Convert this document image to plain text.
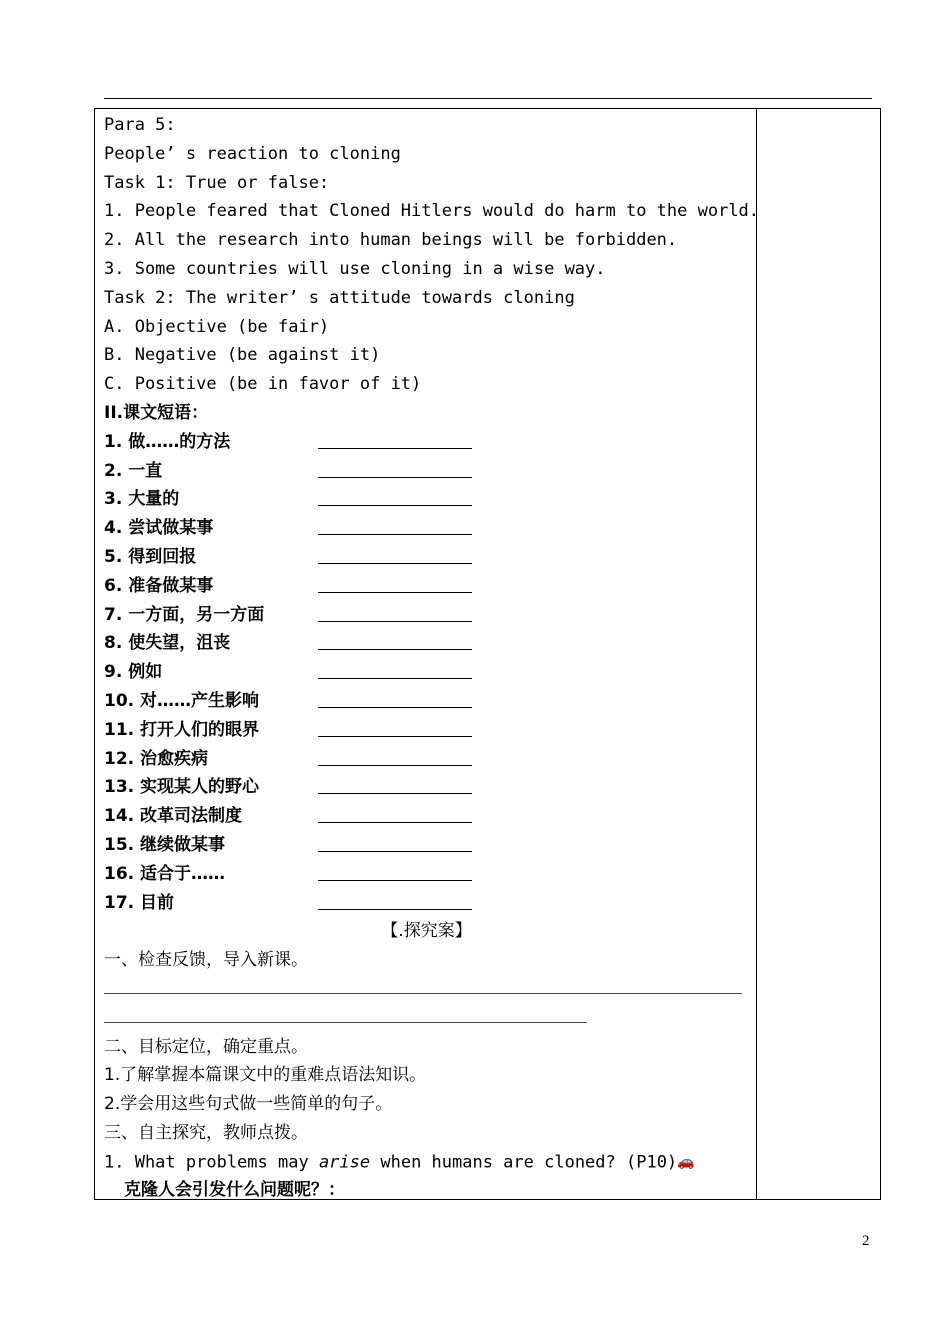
Para 5:
People’ s reaction to cloning
Task 1: True or false:
1. People feared that Cloned Hitlers would do harm to the world.
2. All the research into human beings will be forbidden.
3. Some countries will use cloning in a wise way.
Task 2: The writer’ s attitude towards cloning
A. Objective (be fair)
B. Negative (be against it)
C. Positive (be in favor of it)
II.课文短语：
1. 做……的方法
2. 一直
3. 大量的
4. 尝试做某事
5. 得到回报
6. 准备做某事
7. 一方面，另一方面
8. 使失望，沮丧
9. 例如
10. 对……产生影响
11. 打开人们的眼界
12. 治愈疾病
13. 实现某人的野心
14. 改革司法制度
15. 继续做某事
16. 适合于……
17. 目前
【.探究案】
一、检查反馈，导入新课。
二、目标定位，确定重点。
1.了解掌握本篇课文中的重难点语法知识。
2.学会用这些句式做一些简单的句子。
三、自主探究，教师点拨。
1. What problems may arise when humans are cloned? (P10)🚗
克隆人会引发什么问题呢？：
2
